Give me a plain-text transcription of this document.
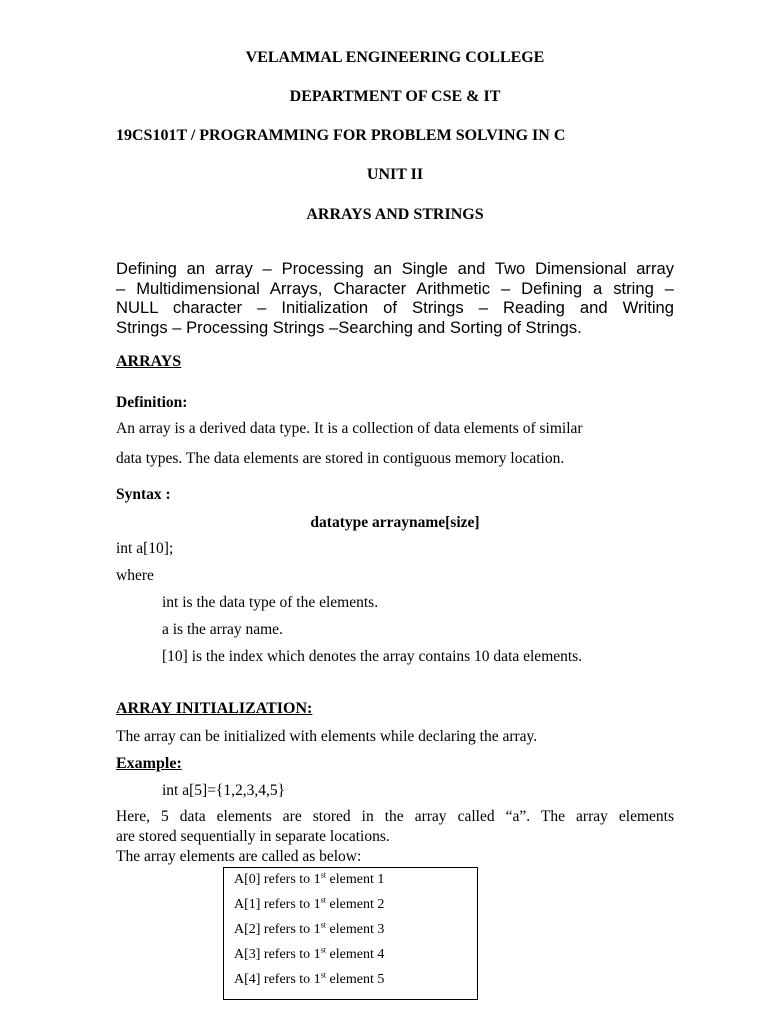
VELAMMAL ENGINEERING COLLEGE
DEPARTMENT OF CSE & IT
19CS101T / PROGRAMMING FOR PROBLEM SOLVING IN C
UNIT II
ARRAYS AND STRINGS
Defining an array – Processing an Single and Two Dimensional array
– Multidimensional Arrays, Character Arithmetic – Defining a string –
NULL character – Initialization of Strings – Reading and Writing
Strings – Processing Strings –Searching and Sorting of Strings.
ARRAYS
Definition:
An array is a derived data type. It is a collection of data elements of similar
data types. The data elements are stored in contiguous memory location.
Syntax :
datatype arrayname[size]
int a[10];
where
int is the data type of the elements.
a is the array name.
[10] is the index which denotes the array contains 10 data elements.
ARRAY INITIALIZATION:
The array can be initialized with elements while declaring the array.
Example:
int a[5]={1,2,3,4,5}
Here, 5 data elements are stored in the array called “a”. The array elements
are stored sequentially in separate locations.
The array elements are called as below:
A[0] refers to 1st element 1
A[1] refers to 1st element 2
A[2] refers to 1st element 3
A[3] refers to 1st element 4
A[4] refers to 1st element 5
